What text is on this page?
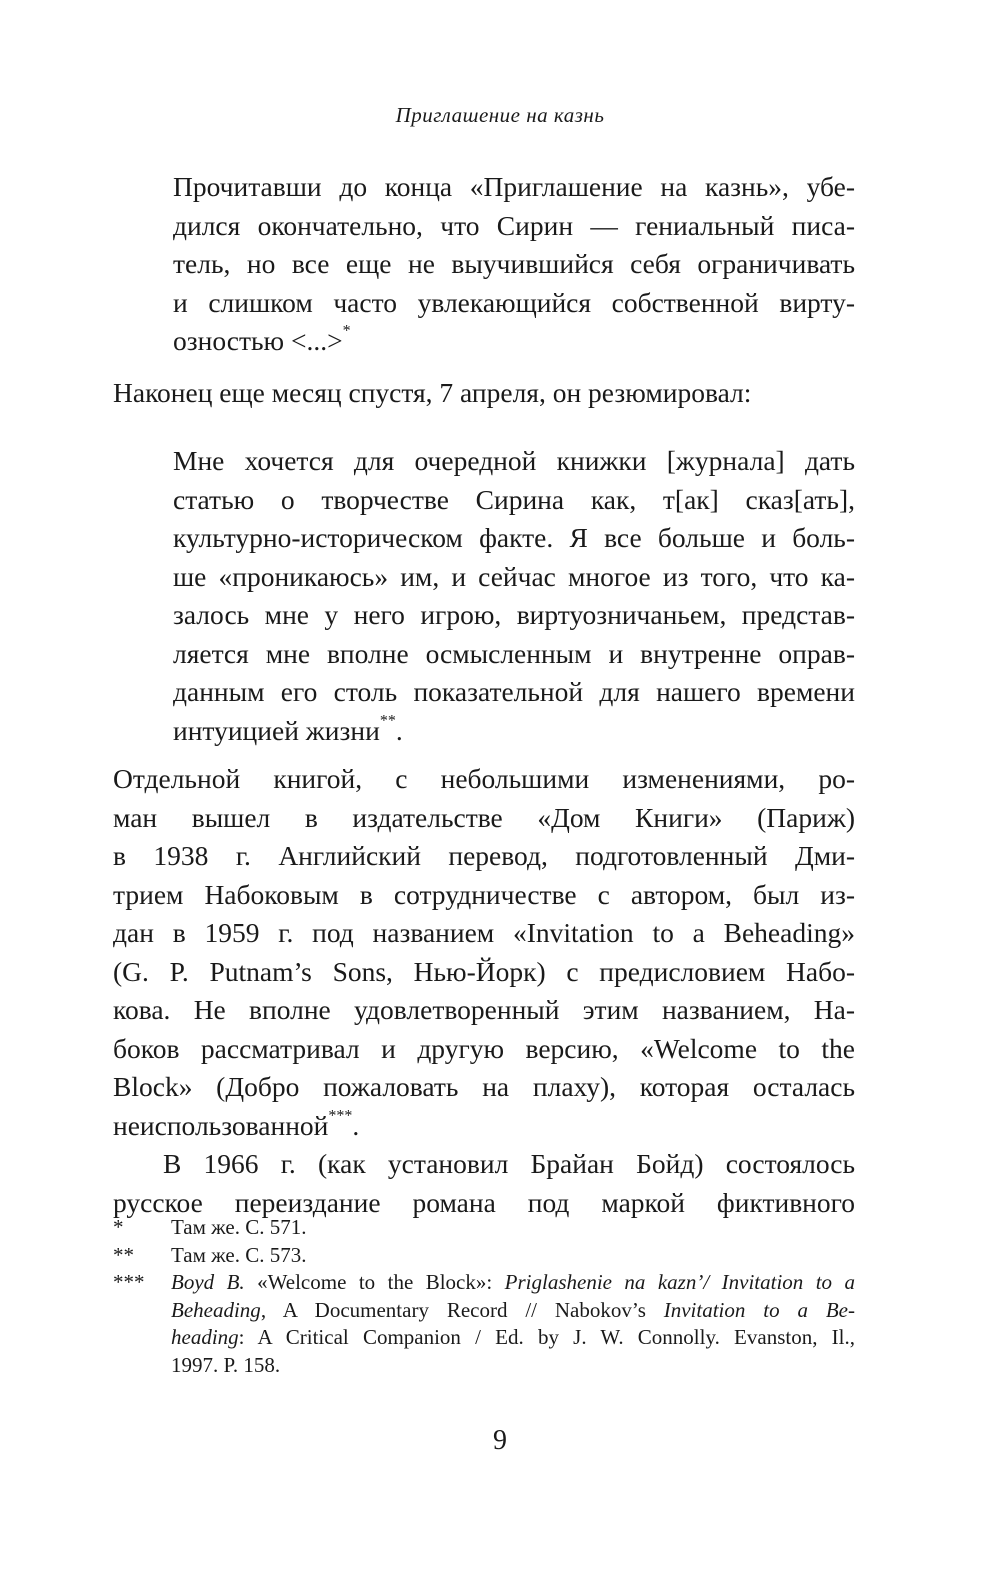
Приглашение на казнь
Прочитавши до конца «Приглашение на казнь», убе-
дился окончательно, что Сирин — гениальный писа-
тель, но все еще не выучившийся себя ограничивать
и слишком часто увлекающийся собственной вирту-
озностью <...>*
Наконец еще месяц спустя, 7 апреля, он резюмировал:
Мне хочется для очередной книжки [журнала] дать
статью о творчестве Сирина как, т[ак] сказ[ать],
культурно-историческом факте. Я все больше и боль-
ше «проникаюсь» им, и сейчас многое из того, что ка-
залось мне у него игрою, виртуозничаньем, представ-
ляется мне вполне осмысленным и внутренне оправ-
данным его столь показательной для нашего времени
интуицией жизни**.
Отдельной книгой, с небольшими изменениями, ро-
ман вышел в издательстве «Дом Книги» (Париж)
в 1938 г. Английский перевод, подготовленный Дми-
трием Набоковым в сотрудничестве с автором, был из-
дан в 1959 г. под названием «Invitation to a Beheading»
(G. P. Putnam’s Sons, Нью-Йорк) с предисловием Набо-
кова. Не вполне удовлетворенный этим названием, На-
боков рассматривал и другую версию, «Welcome to the
Block» (Добро пожаловать на плаху), которая осталась
неиспользованной***.
В 1966 г. (как установил Брайан Бойд) состоялось
русское переиздание романа под маркой фиктивного
* Там же. С. 571.
** Там же. С. 573.
*** Boyd B. «Welcome to the Block»: Priglashenie na kazn’/ Invitation to a
Beheading, A Documentary Record // Nabokov’s Invitation to a Be-
heading: A Critical Companion / Ed. by J. W. Connolly. Evanston, Il.,
1997. P. 158.
9
